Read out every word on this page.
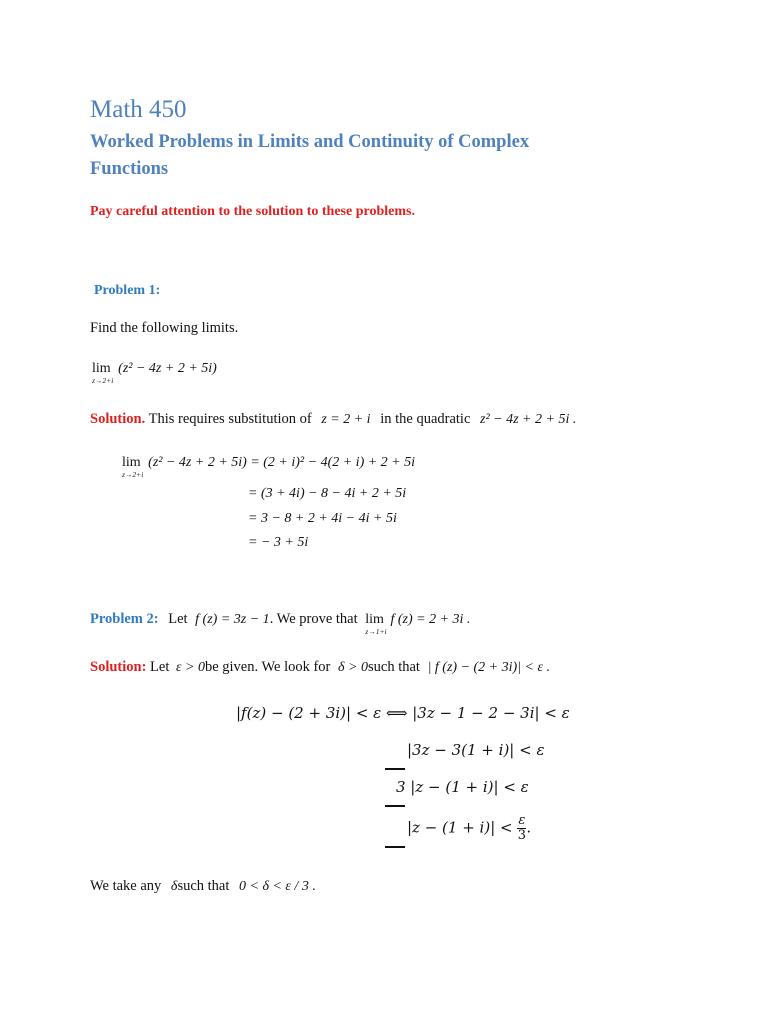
Math 450
Worked Problems in Limits and Continuity of Complex
Functions
Pay careful attention to the solution to these problems.
Problem 1:
Find the following limits.
lim
z→2+i
(z² − 4z + 2 + 5i)
Solution. This requires substitution of z = 2 + i in the quadratic z² − 4z + 2 + 5i .
lim
z→2+i
(z² − 4z + 2 + 5i) = (2 + i)² − 4(2 + i) + 2 + 5i
= (3 + 4i) − 8 − 4i + 2 + 5i
= 3 − 8 + 2 + 4i − 4i + 5i
= − 3 + 5i
Problem 2: Let f (z) = 3z − 1. We prove that lim
z→1+i
f (z) = 2 + 3i .
Solution: Let ε > 0be given. We look for δ > 0such that | f (z) − (2 + 3i)| < ε .
|f(z) − (2 + 3i)| < ε ⟺ |3z − 1 − 2 − 3i| < ε
|3z − 3(1 + i)| < ε
3 |z − (1 + i)| < ε
$|z - (1 + i)| < \frac{\varepsilon}{3}$ .
We take any δsuch that 0 < δ < ε / 3 .
